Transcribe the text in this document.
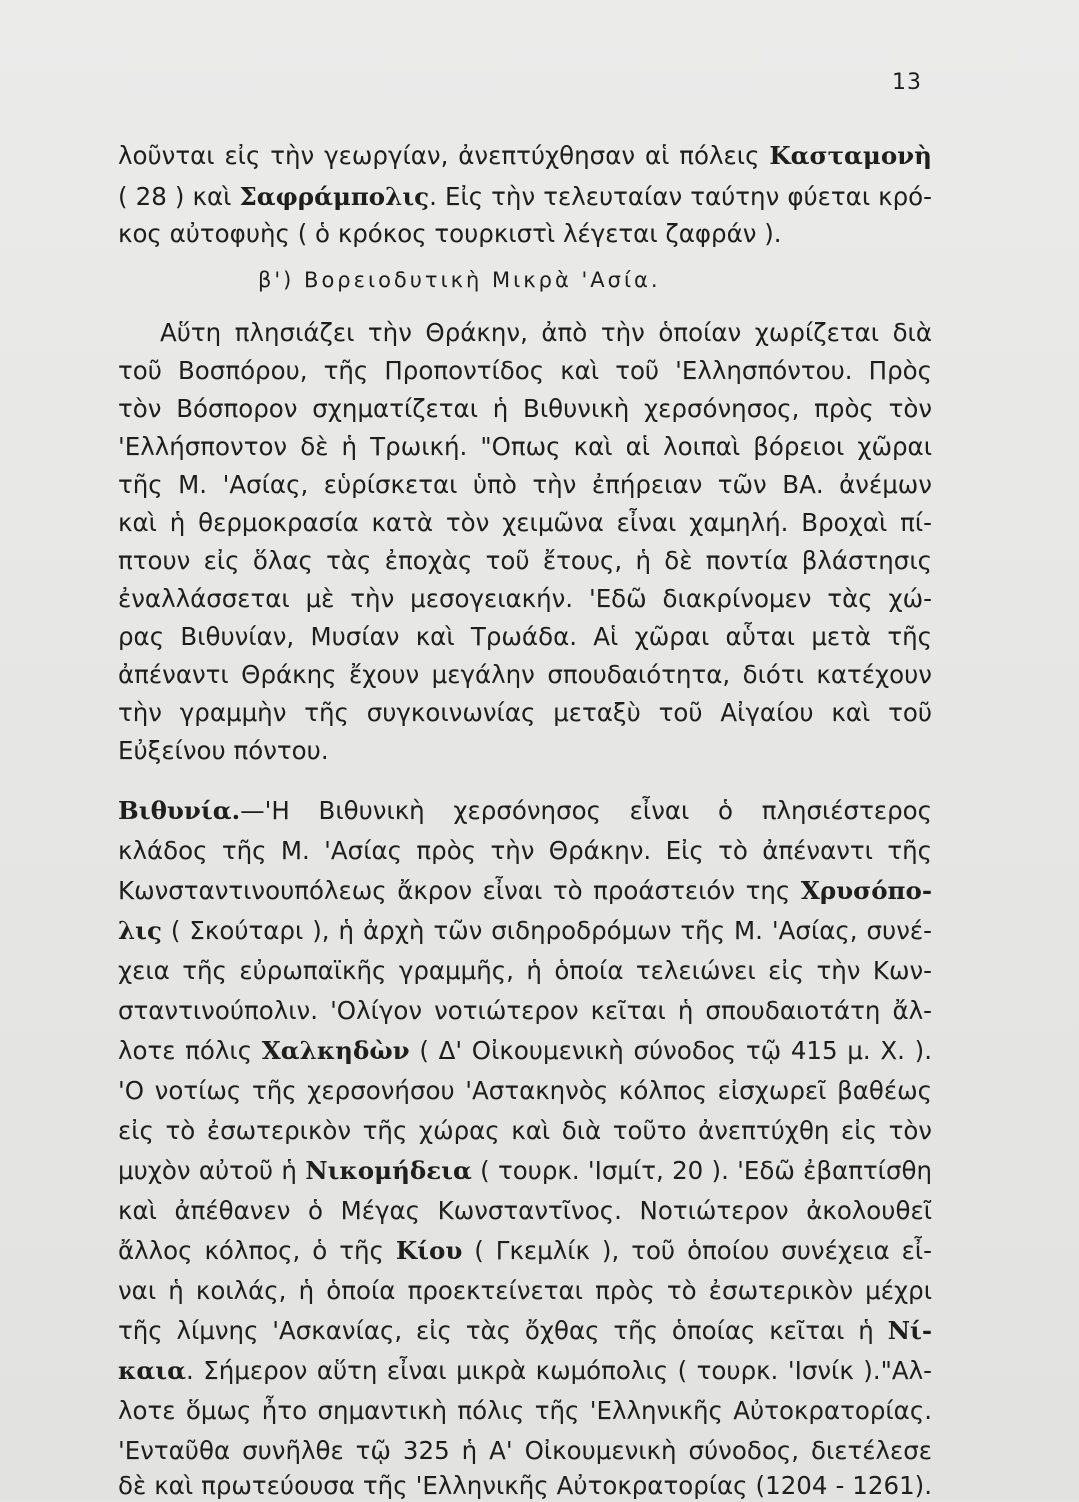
13
λοῦνται εἰς τὴν γεωργίαν, ἀνεπτύχθησαν αἱ πόλεις Κασταμονὴ
( 28 ) καὶ Σαφράμπολις. Εἰς τὴν τελευταίαν ταύτην φύεται κρό-
κος αὐτοφυὴς ( ὁ κρόκος τουρκιστὶ λέγεται ζαφράν ).
β') Βορειοδυτικὴ Μικρὰ 'Ασία.
Αὕτη πλησιάζει τὴν Θράκην, ἀπὸ τὴν ὁποίαν χωρίζεται διὰ
τοῦ Βοσπόρου, τῆς Προποντίδος καὶ τοῦ 'Ελλησπόντου. Πρὸς
τὸν Βόσπορον σχηματίζεται ἡ Βιθυνικὴ χερσόνησος, πρὸς τὸν
'Ελλήσποντον δὲ ἡ Τρωική. "Οπως καὶ αἱ λοιπαὶ βόρειοι χῶραι
τῆς Μ. 'Ασίας, εὑρίσκεται ὑπὸ τὴν ἐπήρειαν τῶν ΒΑ. ἀνέμων
καὶ ἡ θερμοκρασία κατὰ τὸν χειμῶνα εἶναι χαμηλή. Βροχαὶ πί-
πτουν εἰς ὅλας τὰς ἐποχὰς τοῦ ἔτους, ἡ δὲ ποντία βλάστησις
ἐναλλάσσεται μὲ τὴν μεσογειακήν. 'Εδῶ διακρίνομεν τὰς χώ-
ρας Βιθυνίαν, Μυσίαν καὶ Τρωάδα. Αἱ χῶραι αὗται μετὰ τῆς
ἀπέναντι Θράκης ἔχουν μεγάλην σπουδαιότητα, διότι κατέχουν
τὴν γραμμὴν τῆς συγκοινωνίας μεταξὺ τοῦ Αἰγαίου καὶ τοῦ
Εὐξείνου πόντου.
Βιθυνία.—'Η Βιθυνικὴ χερσόνησος εἶναι ὁ πλησιέστερος
κλάδος τῆς Μ. 'Ασίας πρὸς τὴν Θράκην. Εἰς τὸ ἀπέναντι τῆς
Κωνσταντινουπόλεως ἄκρον εἶναι τὸ προάστειόν της Χρυσόπο-
λις ( Σκούταρι ), ἡ ἀρχὴ τῶν σιδηροδρόμων τῆς Μ. 'Ασίας, συνέ-
χεια τῆς εὐρωπαϊκῆς γραμμῆς, ἡ ὁποία τελειώνει εἰς τὴν Κων-
σταντινούπολιν. 'Ολίγον νοτιώτερον κεῖται ἡ σπουδαιοτάτη ἄλ-
λοτε πόλις Χαλκηδὼν ( Δ' Οἰκουμενικὴ σύνοδος τῷ 415 μ. Χ. ).
'Ο νοτίως τῆς χερσονήσου 'Αστακηνὸς κόλπος εἰσχωρεῖ βαθέως
εἰς τὸ ἐσωτερικὸν τῆς χώρας καὶ διὰ τοῦτο ἀνεπτύχθη εἰς τὸν
μυχὸν αὐτοῦ ἡ Νικομήδεια ( τουρκ. 'Ισμίτ, 20 ). 'Εδῶ ἐβαπτίσθη
καὶ ἀπέθανεν ὁ Μέγας Κωνσταντῖνος. Νοτιώτερον ἀκολουθεῖ
ἄλλος κόλπος, ὁ τῆς Κίου ( Γκεμλίκ ), τοῦ ὁποίου συνέχεια εἶ-
ναι ἡ κοιλάς, ἡ ὁποία προεκτείνεται πρὸς τὸ ἐσωτερικὸν μέχρι
τῆς λίμνης 'Ασκανίας, εἰς τὰς ὄχθας τῆς ὁποίας κεῖται ἡ Νί-
καια. Σήμερον αὕτη εἶναι μικρὰ κωμόπολις ( τουρκ. 'Ισνίκ )."Αλ-
λοτε ὅμως ἦτο σημαντικὴ πόλις τῆς 'Ελληνικῆς Αὐτοκρατορίας.
'Ενταῦθα συνῆλθε τῷ 325 ἡ Α' Οἰκουμενικὴ σύνοδος, διετέλεσε
δὲ καὶ πρωτεύουσα τῆς 'Ελληνικῆς Αὐτοκρατορίας (1204 - 1261).
